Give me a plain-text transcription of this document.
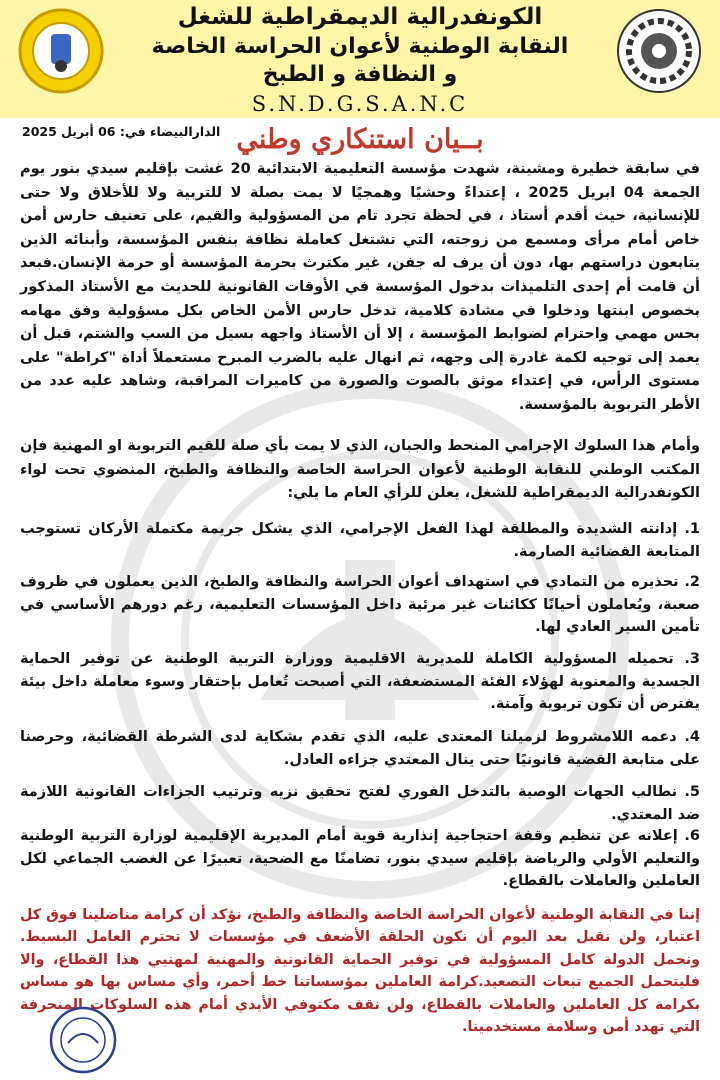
الكونفدرالية الديمقراطية للشغل
النقابة الوطنية لأعوان الحراسة الخاصة
و النظافة و الطبخ
S.N.D.G.S.A.N.C
الدارالبيضاء في: 06 أبريل 2025 بــيان استنكاري وطني
في سابقة خطيرة ومشينة، شهدت مؤسسة التعليمية الابتدائية 20 غشت بإقليم سيدي بنور يوم الجمعة 04 ابريل 2025 ، إعتداءً وحشيًا وهمجيًا لا يمت بصلة لا للتربية ولا للأخلاق ولا حتى للإنسانية، حيث أقدم أستاذ ، في لحظة تجرد تام من المسؤولية والقيم، على تعنيف حارس أمن خاص أمام مرأى ومسمع من زوجته، التي تشتغل كعاملة نظافة بنفس المؤسسة، وأبنائه الذين يتابعون دراستهم بها، دون أن يرف له جفن، غير مكترث بحرمة المؤسسة أو حرمة الإنسان.فبعد أن قامت أم إحدى التلميذات بدخول المؤسسة في الأوقات القانونية للحديث مع الأستاذ المذكور بخصوص ابنتها ودخلوا في مشادة كلامية، تدخل حارس الأمن الخاص بكل مسؤولية وفق مهامه بحس مهمي واحترام لضوابط المؤسسة ، إلا أن الأستاذ واجهه بسيل من السب والشتم، قبل أن يعمد إلى توجيه لكمة غادرة إلى وجهه، ثم انهال عليه بالضرب المبرح مستعملاً أداة "كراطة" على مستوى الرأس، في إعتداء موثق بالصوت والصورة من كاميرات المراقبة، وشاهد عليه عدد من الأطر التربوية بالمؤسسة.
وأمام هذا السلوك الإجرامي المنحط والجبان، الذي لا يمت بأي صلة للقيم التربوية او المهنية فإن المكتب الوطني للنقابة الوطنية لأعوان الحراسة الخاصة والنظافة والطبخ، المنضوي تحت لواء الكونفدرالية الديمقراطية للشغل، يعلن للرأي العام ما يلي:
1. إدانته الشديدة والمطلقة لهذا الفعل الإجرامي، الذي يشكل جريمة مكتملة الأركان تستوجب المتابعة القضائية الصارمة.
2. تحذيره من التمادي في استهداف أعوان الحراسة والنظافة والطبخ، الذين يعملون في ظروف صعبة، ويُعاملون أحيانًا ككائنات غير مرئية داخل المؤسسات التعليمية، رغم دورهم الأساسي في تأمين السير العادي لها.
3. تحميله المسؤولية الكاملة للمديرية الاقليمية ووزارة التربية الوطنية عن توفير الحماية الجسدية والمعنوية لهؤلاء الفئة المستضعفة، التي أصبحت تُعامل بإحتقار وسوء معاملة داخل بيئة يفترض أن تكون تربوية وآمنة.
4. دعمه اللامشروط لزميلنا المعتدى عليه، الذي تقدم بشكاية لدى الشرطة القضائية، وحرصنا على متابعة القضية قانونيًا حتى ينال المعتدي جزاءه العادل.
5. نطالب الجهات الوصية بالتدخل الفوري لفتح تحقيق نزيه وترتيب الجزاءات القانونية اللازمة ضد المعتدي.
6. إعلانه عن تنظيم وقفة احتجاجية إنذارية قوية أمام المديرية الإقليمية لوزارة التربية الوطنية والتعليم الأولي والرياضة بإقليم سيدي بنور، تضامنًا مع الضحية، تعبيرًا عن الغضب الجماعي لكل العاملين والعاملات بالقطاع.
إننا في النقابة الوطنية لأعوان الحراسة الخاصة والنظافة والطبخ، نؤكد أن كرامة مناضلينا فوق كل اعتبار، ولن نقبل بعد اليوم أن نكون الحلقة الأضعف في مؤسسات لا تحترم العامل البسيط. ونحمل الدولة كامل المسؤولية في توفير الحماية القانونية والمهنية لمهنيي هذا القطاع، والا فليتحمل الجميع تبعات التصعيد.كرامة العاملين بمؤسساتنا خط أحمر، وأي مساس بها هو مساس بكرامة كل العاملين والعاملات بالقطاع، ولن نقف مكتوفي الأيدي أمام هذه السلوكات المنحرفة التي تهدد أمن وسلامة مستخدمينا.
